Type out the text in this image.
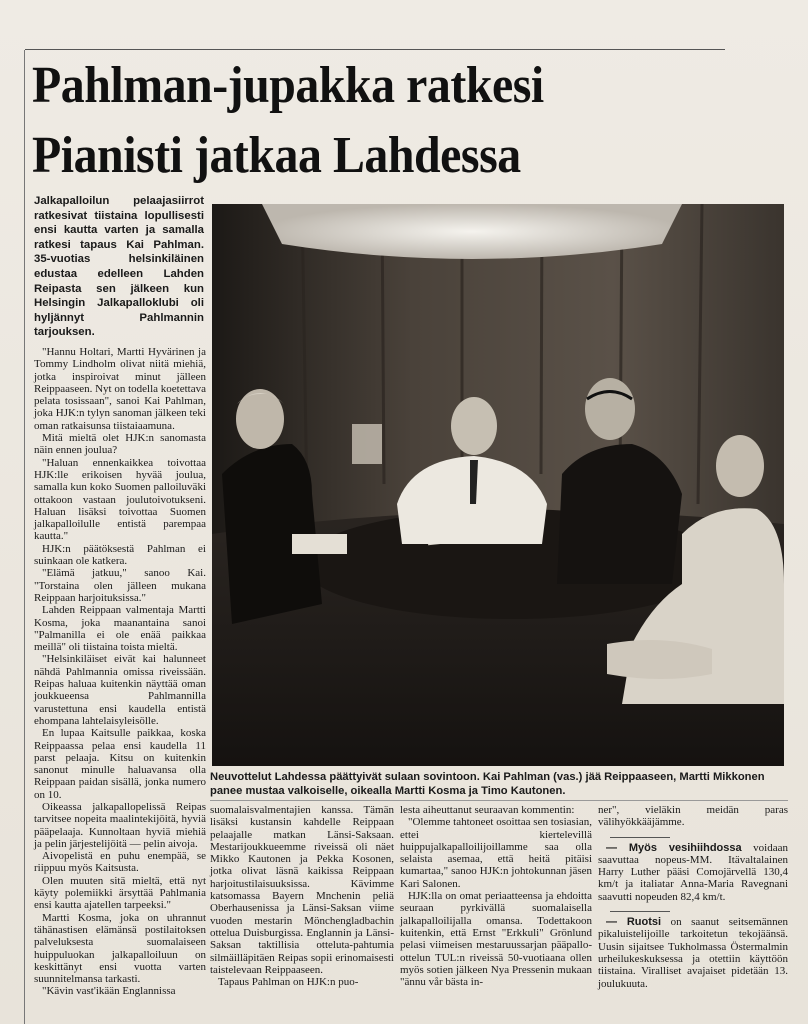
Pahlman-jupakka ratkesi
Pianisti jatkaa Lahdessa

Jalkapalloilun pelaajasiirrot ratkesivat tiistaina lopullisesti ensi kautta varten ja samalla ratkesi tapaus Kai Pahlman. 35-vuotias helsinkiläinen edustaa edelleen Lahden Reipasta sen jälkeen kun Helsingin Jalkapalloklubi oli hyljännyt Pahlmannin tarjouksen.

"Hannu Holtari, Martti Hyvärinen ja Tommy Lindholm olivat niitä miehiä, jotka inspiroivat minut jälleen Reippaaseen. Nyt on todella koetettava pelata tosissaan", sanoi Kai Pahlman, joka HJK:n tylyn sanoman jälkeen teki oman ratkaisunsa tiistaiaamuna.

Mitä mieltä olet HJK:n sanomasta näin ennen joulua?

"Haluan ennenkaikkea toivottaa HJK:lle erikoisen hyvää joulua, samalla kun koko Suomen palloiluväki ottakoon vastaan joulutoivotukseni. Haluan lisäksi toivottaa Suomen jalkapalloilulle entistä parempaa kautta."

HJK:n päätöksestä Pahlman ei suinkaan ole katkera.

"Elämä jatkuu," sanoo Kai. "Torstaina olen jälleen mukana Reippaan harjoituksissa."

Lahden Reippaan valmentaja Martti Kosma, joka maanantaina sanoi "Palmanilla ei ole enää paikkaa meillä" oli tiistaina toista mieltä.

"Helsinkiläiset eivät kai halunneet nähdä Pahlmannia omissa riveissään. Reipas haluaa kuitenkin näyttää oman joukkueensa Pahlmannilla varustettuna ensi kaudella entistä ehompana lahtelaisyleisölle.

En lupaa Kaitsulle paikkaa, koska Reippaassa pelaa ensi kaudella 11 parst pelaaja. Kitsu on kuitenkin sanonut minulle haluavansa olla Reippaan paidan sisällä, jonka numero on 10.

Oikeassa jalkapallopelissä Reipas tarvitsee nopeita maalintekijöitä, hyviä pääpelaaja. Kunnoltaan hyviä miehiä ja pelin järjestelijöitä — pelin aivoja.

Aivopelistä en puhu enempää, se riippuu myös Kaitsusta.

Olen muuten sitä mieltä, että nyt käyty polemiikki ärsyttää Pahlmania ensi kautta ajatellen tarpeeksi."

Martti Kosma, joka on uhrannut tähänastisen elämänsä postilaitoksen palveluksesta suomalaiseen huippuluokan jalkapalloiluun on keskittänyt ensi vuotta varten suunnitelmansa tarkasti.

"Kävin vast'ikään Englannissa

Neuvottelut Lahdessa päättyivät sulaan sovintoon. Kai Pahlman (vas.) jää Reippaaseen, Martti Mikkonen panee mustaa valkoiselle, oikealla Martti Kosma ja Timo Kautonen.

suomalaisvalmentajien kanssa. Tämän lisäksi kustansin kahdelle Reippaan pelaajalle matkan Länsi-Saksaan. Mestarijoukkueemme riveissä oli näet Mikko Kautonen ja Pekka Kosonen, jotka olivat läsnä kaikissa Reippaan harjoitustilaisuuksissa. Kävimme katsomassa Bayern Mnchenin peliä Oberhausenissa ja Länsi-Saksan viime vuoden mestarin Mönchengladbachin ottelua Duisburgissa. Englannin ja Länsi-Saksan taktillisia otteluta-pahtumia silmäilläpitäen Reipas sopii erinomaisesti taistelevaan Reippaaseen.

Tapaus Pahlman on HJK:n puo-

lesta aiheuttanut seuraavan kommentin:

"Olemme tahtoneet osoittaa sen tosiasian, ettei kiertelevillä huippujalkapalloilijoillamme saa olla selaista asemaa, että heitä pitäisi kumartaa," sanoo HJK:n johtokunnan jäsen Kari Salonen.

HJK:lla on omat periaatteensa ja ehdoitta seuraan pyrkivällä suomalaisella jalkapalloilijalla omansa. Todettakoon kuitenkin, että Ernst "Erkkuli" Grönlund pelasi viimeisen mestaruussarjan pääpallo-ottelun TUL:n riveissä 50-vuotiaana ollen myös sotien jälkeen Nya Pressenin mukaan "ännu vår bästa in-

ner", vieläkin meidän paras välihyökkääjämme.

— Myös vesihiihdossa voidaan saavuttaa nopeus-MM. Itävaltalainen Harry Luther pääsi Comojärvellä 130,4 km/t ja italiatar Anna-Maria Ravegnani saavutti nopeuden 82,4 km/t.

— Ruotsi on saanut seitsemännen pikaluistelijoille tarkoitetun tekojäänsä. Uusin sijaitsee Tukholmassa Östermalmin urheilukeskuksessa ja otettiin käyttöön tiistaina. Viralliset avajaiset pidetään 13. joulukuuta.
